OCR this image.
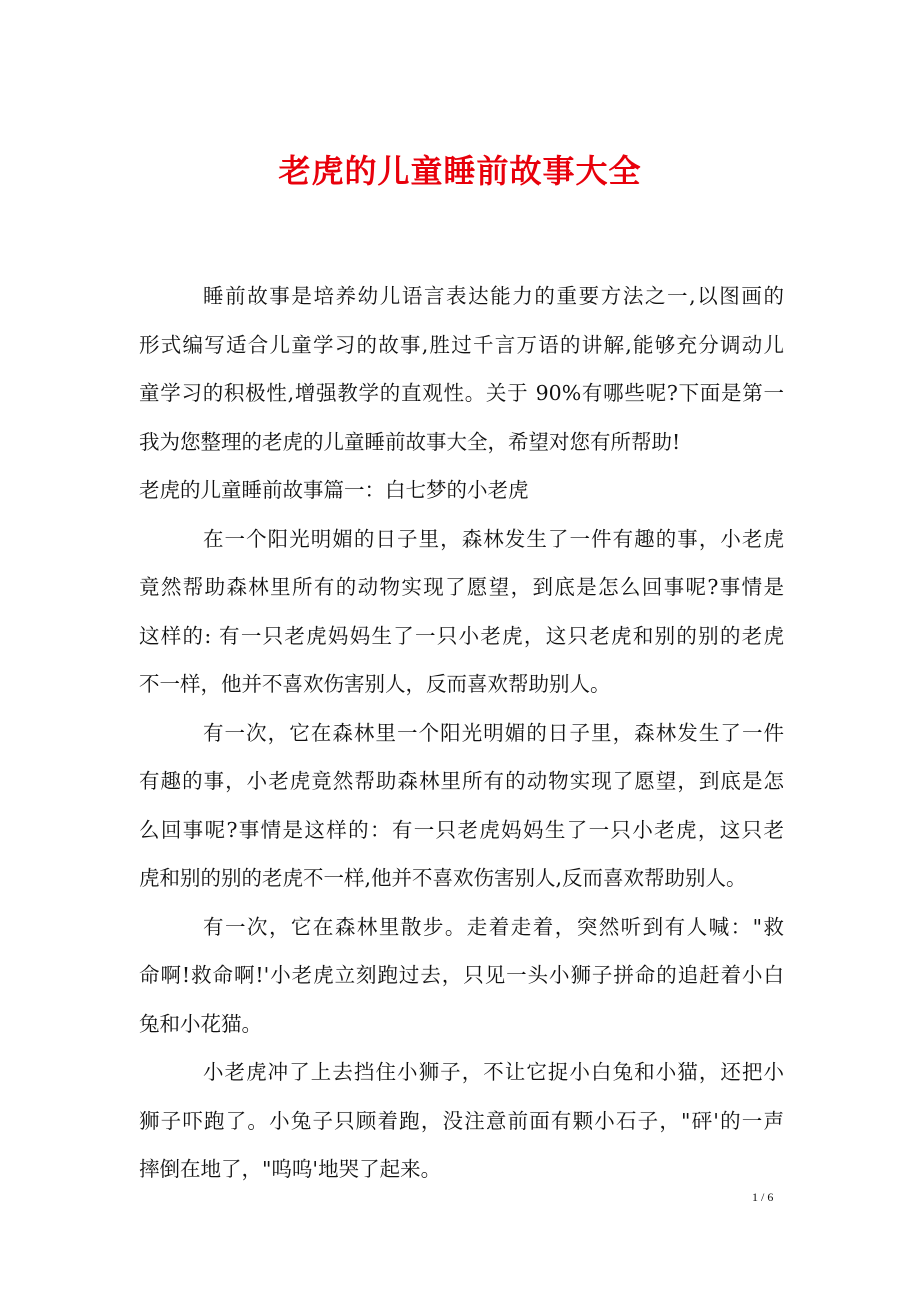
老虎的儿童睡前故事大全
睡前故事是培养幼儿语言表达能力的重要方法之一,以图画的
形式编写适合儿童学习的故事,胜过千言万语的讲解,能够充分调动儿
童学习的积极性,增强教学的直观性。关于 90%有哪些呢?下面是第一
我为您整理的老虎的儿童睡前故事大全，希望对您有所帮助!
老虎的儿童睡前故事篇一：白七梦的小老虎
在一个阳光明媚的日子里，森林发生了一件有趣的事，小老虎
竟然帮助森林里所有的动物实现了愿望，到底是怎么回事呢?事情是
这样的: 有一只老虎妈妈生了一只小老虎，这只老虎和别的别的老虎
不一样，他并不喜欢伤害别人，反而喜欢帮助别人。
有一次，它在森林里一个阳光明媚的日子里，森林发生了一件
有趣的事，小老虎竟然帮助森林里所有的动物实现了愿望，到底是怎
么回事呢?事情是这样的：有一只老虎妈妈生了一只小老虎，这只老
虎和别的别的老虎不一样,他并不喜欢伤害别人,反而喜欢帮助别人。
有一次，它在森林里散步。走着走着，突然听到有人喊："救
命啊!救命啊!'小老虎立刻跑过去，只见一头小狮子拼命的追赶着小白
兔和小花猫。
小老虎冲了上去挡住小狮子，不让它捉小白兔和小猫，还把小
狮子吓跑了。小兔子只顾着跑，没注意前面有颗小石子，"砰'的一声
摔倒在地了，"呜呜'地哭了起来。
1 / 6
